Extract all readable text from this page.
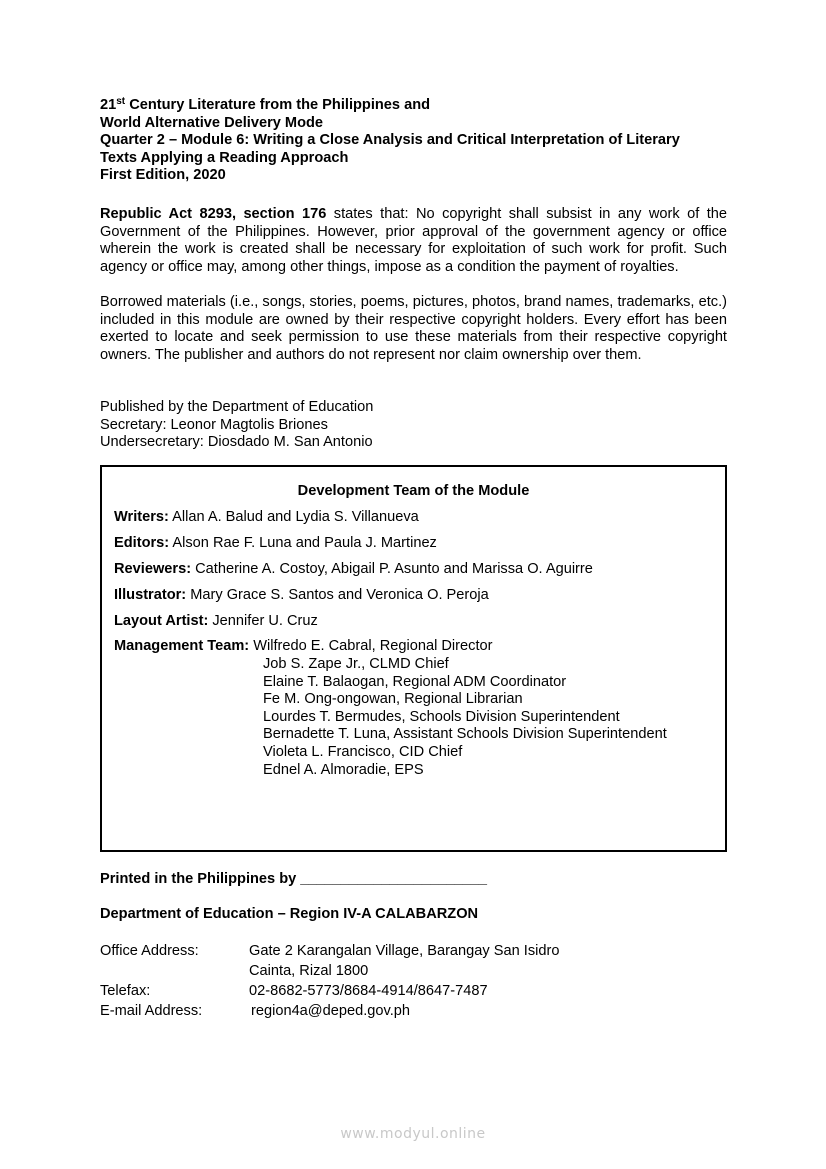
21st Century Literature from the Philippines and
World Alternative Delivery Mode
Quarter 2 – Module 6: Writing a Close Analysis and Critical Interpretation of Literary
Texts Applying a Reading Approach
First Edition, 2020
Republic Act 8293, section 176 states that: No copyright shall subsist in any work of the Government of the Philippines. However, prior approval of the government agency or office wherein the work is created shall be necessary for exploitation of such work for profit. Such agency or office may, among other things, impose as a condition the payment of royalties.
Borrowed materials (i.e., songs, stories, poems, pictures, photos, brand names, trademarks, etc.) included in this module are owned by their respective copyright holders. Every effort has been exerted to locate and seek permission to use these materials from their respective copyright owners. The publisher and authors do not represent nor claim ownership over them.
Published by the Department of Education
Secretary: Leonor Magtolis Briones
Undersecretary: Diosdado M. San Antonio
Development Team of the Module
Writers: Allan A. Balud and Lydia S. Villanueva
Editors: Alson Rae F. Luna and Paula J. Martinez
Reviewers: Catherine A. Costoy, Abigail P. Asunto and Marissa O. Aguirre
Illustrator: Mary Grace S. Santos and Veronica O. Peroja
Layout Artist: Jennifer U. Cruz
Management Team: Wilfredo E. Cabral, Regional Director
Job S. Zape Jr., CLMD Chief
Elaine T. Balaogan, Regional ADM Coordinator
Fe M. Ong-ongowan, Regional Librarian
Lourdes T. Bermudes, Schools Division Superintendent
Bernadette T. Luna, Assistant Schools Division Superintendent
Violeta L. Francisco, CID Chief
Ednel A. Almoradie, EPS
Printed in the Philippines by _______________________
Department of Education – Region IV-A CALABARZON
Office Address:	Gate 2 Karangalan Village, Barangay San Isidro
Cainta, Rizal 1800
Telefax:	02-8682-5773/8684-4914/8647-7487
E-mail Address:	region4a@deped.gov.ph
www.modyul.online
